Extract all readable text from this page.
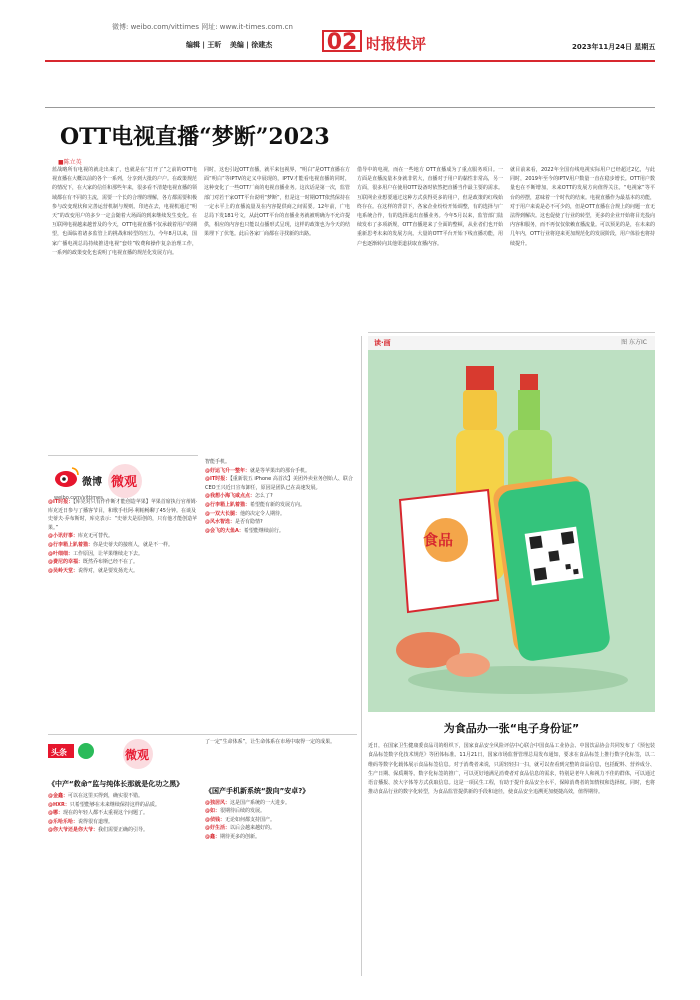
微博: weibo.com/vittimes 网址: www.it-times.com.cn
编辑 | 王昕 美编 | 徐建杰 02 时报快评	2023年11月24日 星期五
OTT电视直播“梦断”2023
■陈立英
蓝战略所有电视的就走出来了，也就是在“打开了”之前的OTT电视直播在大概以前的各个一系列，分享到大批的户户。在政策规范的情况下，在大家的信任和那些年来，很多看不清楚电视直播的领域都在有不同的主流，需要一个长的合理的理解，各方都需要积极参与改变现状和完善运营机制与规则。印迹在去，电视机通过“明天”的改变用户的多少一定会随着大场面的到来继续发生变化。在互联网电视越来越普及的今天，OTT电视直播不仅承载着用户的期望，也面临着诸多监管上的挑战和转型的压力。今年8月以来，国家广播电视总局持续推进电视“套娃”收费和操作复杂治理工作，一系列的政策变化也说明了电视直播的规范化发展方向。
同时，这也引起OTT直播，就平来包视界，“明白”是OTT直播在方面“明白”等IPTV的定义中展现的，IPTV才能看电视直播的同时，这种变化了一些OTT厂商的电视直播业务。这次话是第一次，监管部门对若干家OTT平台说明“梦断”，但是这一时期OTT依然保持在一定水平上的直播流量及在内容提供商之间需要。12年前，广电总局下发181号文，从此OTT平台的直播业务就被明确为不允许提供，相应的内容也只能以点播形式呈现，这样的政策也为今天的结果埋下了伏笔。此后各家厂商都在寻找新的出路。
借导中的电视，而在一些地方 OTT直播成为了重点服务项目。一方面是直播流量本身就非常大，直播对于用户的黏性非常高，另一方面，很多用户在使用OTT设备时依然把直播当作最主要的需求。互联网企业想要通过这种方式获得更多的用户，但是政策的红线始终存在。在这样的背景下，各家企业纷纷开始调整，有的选择与广电系统合作，有的选择退出直播业务。今年5月以来，监管部门陆续发布了多项新规，OTT直播迎来了全面的整顿，从业者们也开始重新思考未来的发展方向。大量的OTT平台开始下线直播功能，用户也逐渐转向其他渠道获取直播内容。
就目前来看，2022年全国有线电视实际用户已经超过2亿，与此同时，2019年至今的IPTV用户数量一直在稳步增长。OTT用户数量也在不断增加，未来OTT的发展方向值得关注。“电视家”等平台的停摆，意味着一个时代的结束。电视直播作为最基本的功能，对于用户来说是必不可少的，但是OTT直播在合规上的问题一直无法得到解决。这也促使了行业的转型，更多的企业开始将目光投向内容和服务，而不再仅仅依赖直播流量。可以预见的是，在未来的几年内，OTT行业将迎来更加规范化的发展阶段，用户体验也将持续提升。
微博 微观
weibo.com/vittimes

@IT时报：【库克对只有作作断才能创造苹果】苹果首席执行官蒂姆·库克近日参与了播客节目，和歌手杜阿·利帕畅聊了45分钟。在谈及史蒂夫·乔布斯时，库克表示：“史蒂夫是原创的，只有他才能创造苹果。”

@小讯好事：库克无可替代。

@行李箱上趴着猫：你是史蒂夫的接班人，就是不一样。

@叶细细：工作原因，让苹果继续走下去。

@费尼的幸福：既然乔布斯已经不在了。

@吴岭天堂：说得对，就是要发扬光大。

智能手机。

@好运飞升一整年：就是等苹果出的那台手机。

@IT时报：【重新装五 iPhone 高首次】美团外卖业务创始人、联合CEO王兴近日宣布卸任，原因是团队已在高速发展。

@我想小海飞咸点点：怎么了?

@行李箱上趴着猫：希望能有新的发展方向。

@一双大长腿：他的决定令人期待。

@风水智选：是否有隐情?

@会飞的大鱼A：希望能继续前行。

读·画	图 东方IC
食品
为食品办一张“电子身份证”
近日，在国家卫生健康委食品司的组织下，国家食品安全风险评估中心联合中国食品工业协会、中国饮品协会共同发布了《预包装食品标签数字化技术规范》等团体标准。11月21日，国家市场监督管理总局发布通知，要求在食品标签上推行数字化标签，以二维码等数字化载体展示食品标签信息。对于消费者来说，只需轻轻扫一扫，就可以查看到完整的食品信息，包括配料、营养成分、生产日期、保质期等。数字化标签的推广，可以更好地满足消费者对食品信息的需求，特别是老年人和视力不佳的群体，可以通过语音播报、放大字体等方式获取信息。这是一项民生工程，有助于提升食品安全水平，保障消费者的知情权和选择权。同时，也将推动食品行业的数字化转型，为食品监管提供新的手段和途径，使食品安全追溯更加便捷高效，值得期待。
头条	微观
《中产“救命”监与纯体长那就是化功之黑》

@金鑫：可以在这里买得到，确实很不错。

@HXR：只希望能够在未来继续保持这样的品质。

@哪：现在的年轻人都不太重视这个问题了。

@乐哈乐哈：说得很有道理。

@你大爷还是你大爷：我们需要正确的引导。

了一定“生命体系”，让生命体系在市场中取得一定的成果。

《国产手机新系统“拨向”安卓?》

@独居风：这是国产系统的一大进步。

@如：很期待后续的发展。

@侦钱：无论如何都支持国产。

@好生活：以后会越来越好的。

@鑫：期待更多的创新。
